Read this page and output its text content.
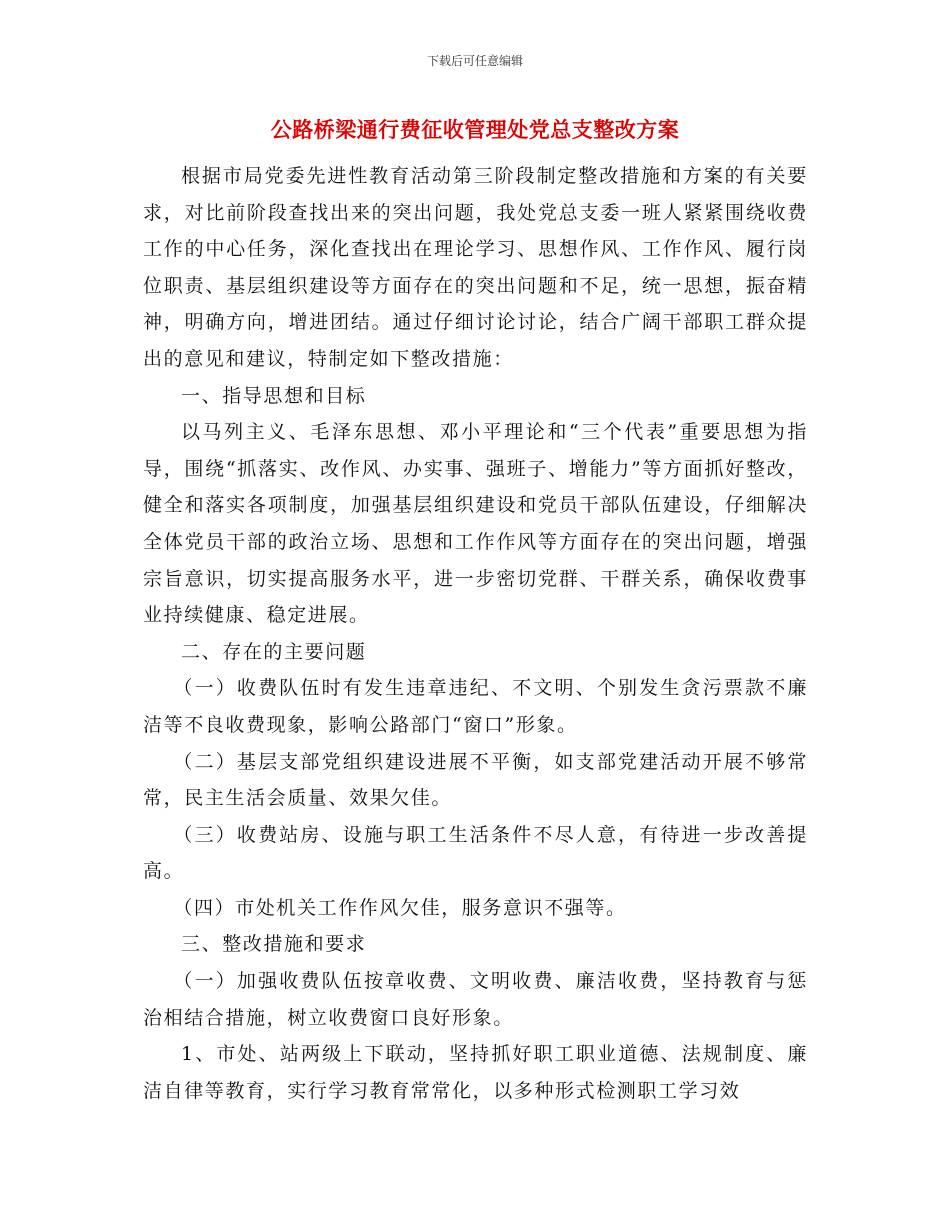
下载后可任意编辑
公路桥梁通行费征收管理处党总支整改方案

根据市局党委先进性教育活动第三阶段制定整改措施和方案的有关要求，对比前阶段查找出来的突出问题，我处党总支委一班人紧紧围绕收费工作的中心任务，深化查找出在理论学习、思想作风、工作作风、履行岗位职责、基层组织建设等方面存在的突出问题和不足，统一思想，振奋精神，明确方向，增进团结。通过仔细讨论讨论，结合广阔干部职工群众提出的意见和建议，特制定如下整改措施：

一、指导思想和目标

以马列主义、毛泽东思想、邓小平理论和“三个代表”重要思想为指导，围绕“抓落实、改作风、办实事、强班子、增能力”等方面抓好整改，健全和落实各项制度，加强基层组织建设和党员干部队伍建设，仔细解决全体党员干部的政治立场、思想和工作作风等方面存在的突出问题，增强宗旨意识，切实提高服务水平，进一步密切党群、干群关系，确保收费事业持续健康、稳定进展。

二、存在的主要问题

（一）收费队伍时有发生违章违纪、不文明、个别发生贪污票款不廉洁等不良收费现象，影响公路部门“窗口”形象。

（二）基层支部党组织建设进展不平衡，如支部党建活动开展不够常常，民主生活会质量、效果欠佳。

（三）收费站房、设施与职工生活条件不尽人意，有待进一步改善提高。

（四）市处机关工作作风欠佳，服务意识不强等。

三、整改措施和要求

（一）加强收费队伍按章收费、文明收费、廉洁收费，坚持教育与惩治相结合措施，树立收费窗口良好形象。

1、市处、站两级上下联动，坚持抓好职工职业道德、法规制度、廉洁自律等教育，实行学习教育常常化，以多种形式检测职工学习效
